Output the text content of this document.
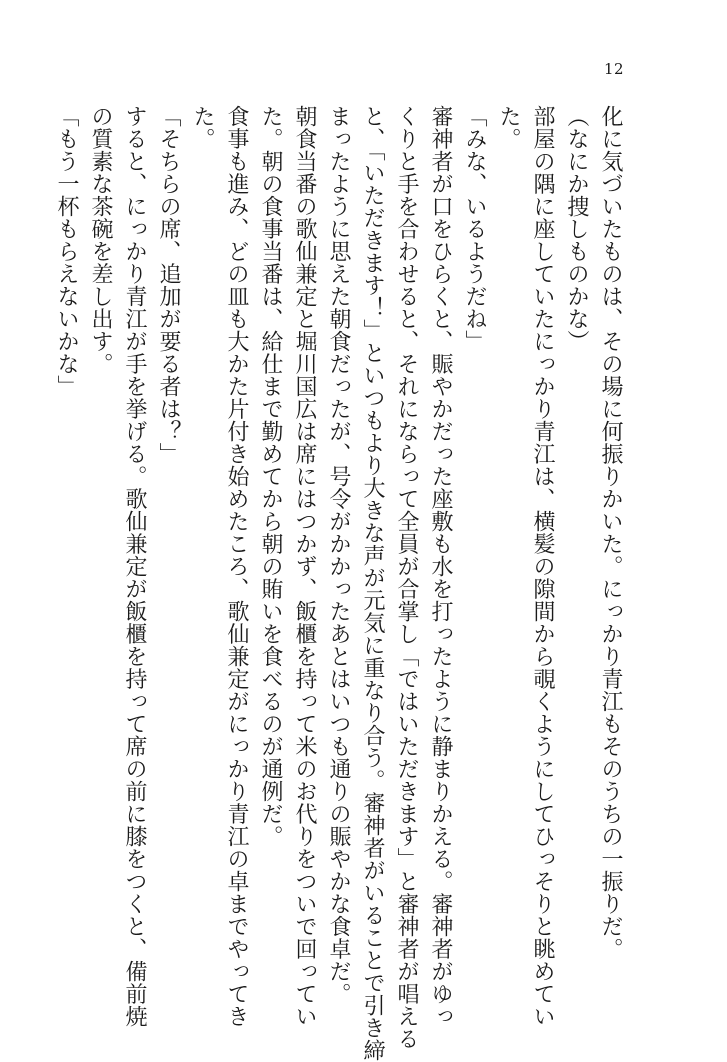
12
化に気づいたものは、その場に何振りかいた。にっかり青江もそのうちの一振りだ。
（なにか捜しものかな）
部屋の隅に座していたにっかり青江は、横髪の隙間から覗くようにしてひっそりと眺めてい
た。
「みな、いるようだね」
審神者が口をひらくと、賑やかだった座敷も水を打ったように静まりかえる。審神者がゆっ
くりと手を合わせると、それにならって全員が合掌し「ではいただきます」と審神者が唱える
と、「いただきます！」といつもより大きな声が元気に重なり合う。審神者がいることで引き締
まったように思えた朝食だったが、号令がかかったあとはいつも通りの賑やかな食卓だ。
朝食当番の歌仙兼定と堀川国広は席にはつかず、飯櫃を持って米のお代りをついで回ってい
た。朝の食事当番は、給仕まで勤めてから朝の賄いを食べるのが通例だ。
食事も進み、どの皿も大かた片付き始めたころ、歌仙兼定がにっかり青江の卓までやってき
た。
「そちらの席、追加が要る者は？」
すると、にっかり青江が手を挙げる。歌仙兼定が飯櫃を持って席の前に膝をつくと、備前焼
の質素な茶碗を差し出す。
「もう一杯もらえないかな」
